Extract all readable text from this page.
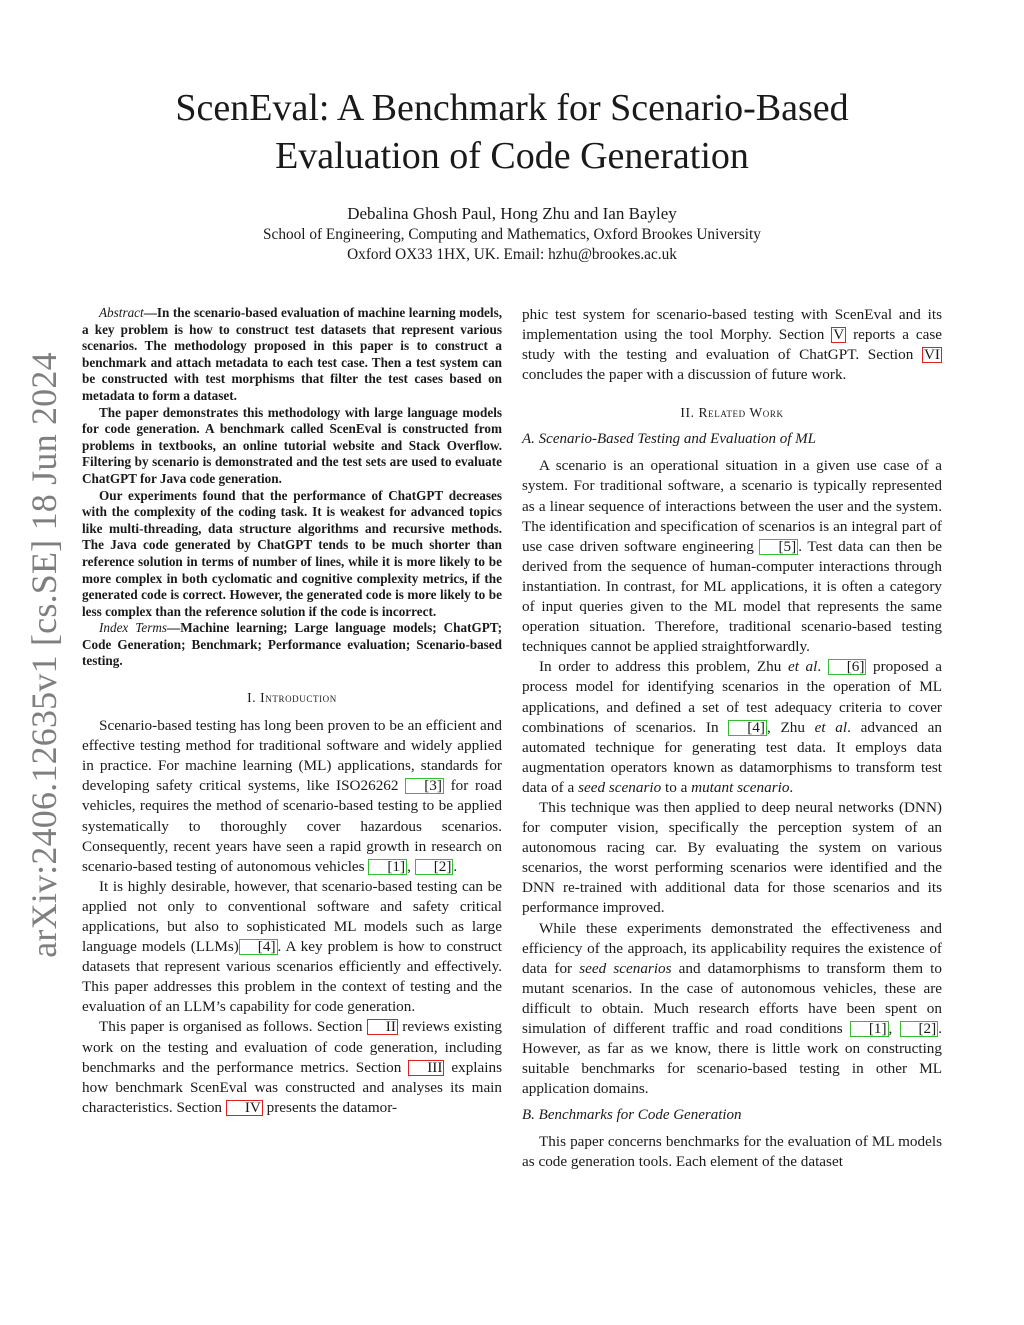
arXiv:2406.12635v1 [cs.SE] 18 Jun 2024
ScenEval: A Benchmark for Scenario-Based
Evaluation of Code Generation
Debalina Ghosh Paul, Hong Zhu and Ian Bayley
School of Engineering, Computing and Mathematics, Oxford Brookes University
Oxford OX33 1HX, UK. Email: hzhu@brookes.ac.uk

Abstract—In the scenario-based evaluation of machine learning models, a key problem is how to construct test datasets that represent various scenarios. The methodology proposed in this paper is to construct a benchmark and attach metadata to each test case. Then a test system can be constructed with test morphisms that filter the test cases based on metadata to form a dataset.

The paper demonstrates this methodology with large language models for code generation. A benchmark called ScenEval is constructed from problems in textbooks, an online tutorial website and Stack Overflow. Filtering by scenario is demonstrated and the test sets are used to evaluate ChatGPT for Java code generation.

Our experiments found that the performance of ChatGPT decreases with the complexity of the coding task. It is weakest for advanced topics like multi-threading, data structure algorithms and recursive methods. The Java code generated by ChatGPT tends to be much shorter than reference solution in terms of number of lines, while it is more likely to be more complex in both cyclomatic and cognitive complexity metrics, if the generated code is correct. However, the generated code is more likely to be less complex than the reference solution if the code is incorrect.

Index Terms—Machine learning; Large language models; ChatGPT; Code Generation; Benchmark; Performance evaluation; Scenario-based testing.

I. Introduction

Scenario-based testing has long been proven to be an efficient and effective testing method for traditional software and widely applied in practice. For machine learning (ML) applications, standards for developing safety critical systems, like ISO26262 [3] for road vehicles, requires the method of scenario-based testing to be applied systematically to thoroughly cover hazardous scenarios. Consequently, recent years have seen a rapid growth in research on scenario-based testing of autonomous vehicles [1] , [2] .

It is highly desirable, however, that scenario-based testing can be applied not only to conventional software and safety critical applications, but also to sophisticated ML models such as large language models (LLMs) [4] . A key problem is how to construct datasets that represent various scenarios efficiently and effectively. This paper addresses this problem in the context of testing and the evaluation of an LLM’s capability for code generation.

This paper is organised as follows. Section II reviews existing work on the testing and evaluation of code generation, including benchmarks and the performance metrics. Section III explains how benchmark ScenEval was constructed and analyses its main characteristics. Section IV presents the datamor-

phic test system for scenario-based testing with ScenEval and its implementation using the tool Morphy. Section V reports a case study with the testing and evaluation of ChatGPT. Section VI concludes the paper with a discussion of future work.

II. Related Work
A. Scenario-Based Testing and Evaluation of ML

A scenario is an operational situation in a given use case of a system. For traditional software, a scenario is typically represented as a linear sequence of interactions between the user and the system. The identification and specification of scenarios is an integral part of use case driven software engineering [5] . Test data can then be derived from the sequence of human-computer interactions through instantiation. In contrast, for ML applications, it is often a category of input queries given to the ML model that represents the same operation situation. Therefore, traditional scenario-based testing techniques cannot be applied straightforwardly.

In order to address this problem, Zhu et al. [6] proposed a process model for identifying scenarios in the operation of ML applications, and defined a set of test adequacy criteria to cover combinations of scenarios. In [4] , Zhu et al. advanced an automated technique for generating test data. It employs data augmentation operators known as datamorphisms to transform test data of a seed scenario to a mutant scenario.

This technique was then applied to deep neural networks (DNN) for computer vision, specifically the perception system of an autonomous racing car. By evaluating the system on various scenarios, the worst performing scenarios were identified and the DNN re-trained with additional data for those scenarios and its performance improved.

While these experiments demonstrated the effectiveness and efficiency of the approach, its applicability requires the existence of data for seed scenarios and datamorphisms to transform them to mutant scenarios. In the case of autonomous vehicles, these are difficult to obtain. Much research efforts have been spent on simulation of different traffic and road conditions [1] , [2] . However, as far as we know, there is little work on constructing suitable benchmarks for scenario-based testing in other ML application domains.

B. Benchmarks for Code Generation

This paper concerns benchmarks for the evaluation of ML models as code generation tools. Each element of the dataset
